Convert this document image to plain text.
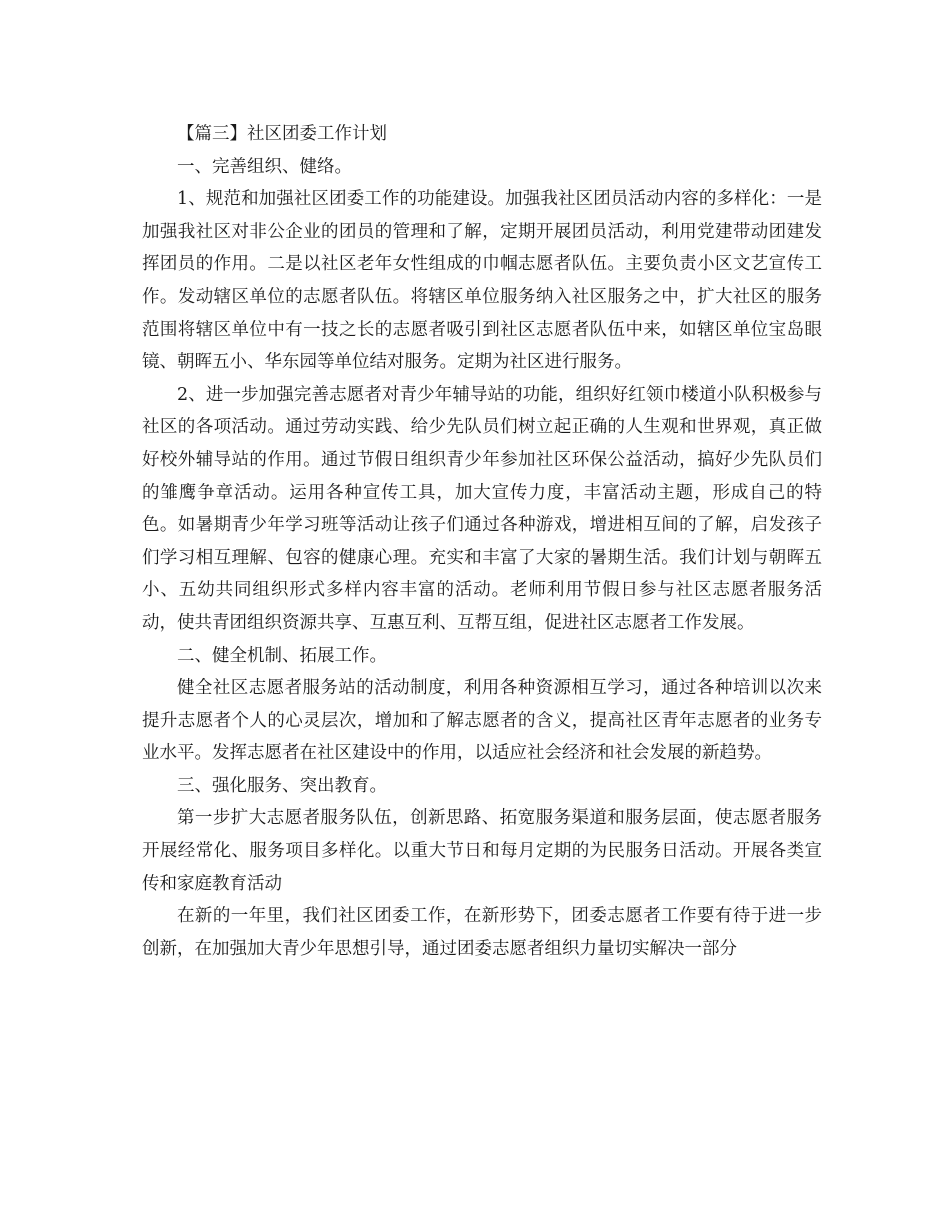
【篇三】社区团委工作计划

一、完善组织、健络。

1、规范和加强社区团委工作的功能建设。加强我社区团员活动内容的多样化：一是加强我社区对非公企业的团员的管理和了解，定期开展团员活动，利用党建带动团建发挥团员的作用。二是以社区老年女性组成的巾帼志愿者队伍。主要负责小区文艺宣传工作。发动辖区单位的志愿者队伍。将辖区单位服务纳入社区服务之中，扩大社区的服务范围将辖区单位中有一技之长的志愿者吸引到社区志愿者队伍中来，如辖区单位宝岛眼镜、朝晖五小、华东园等单位结对服务。定期为社区进行服务。

2、进一步加强完善志愿者对青少年辅导站的功能，组织好红领巾楼道小队积极参与社区的各项活动。通过劳动实践、给少先队员们树立起正确的人生观和世界观，真正做好校外辅导站的作用。通过节假日组织青少年参加社区环保公益活动，搞好少先队员们的雏鹰争章活动。运用各种宣传工具，加大宣传力度，丰富活动主题，形成自己的特色。如暑期青少年学习班等活动让孩子们通过各种游戏，增进相互间的了解，启发孩子们学习相互理解、包容的健康心理。充实和丰富了大家的暑期生活。我们计划与朝晖五小、五幼共同组织形式多样内容丰富的活动。老师利用节假日参与社区志愿者服务活动，使共青团组织资源共享、互惠互利、互帮互组，促进社区志愿者工作发展。

二、健全机制、拓展工作。

健全社区志愿者服务站的活动制度，利用各种资源相互学习，通过各种培训以次来提升志愿者个人的心灵层次，增加和了解志愿者的含义，提高社区青年志愿者的业务专业水平。发挥志愿者在社区建设中的作用，以适应社会经济和社会发展的新趋势。

三、强化服务、突出教育。

第一步扩大志愿者服务队伍，创新思路、拓宽服务渠道和服务层面，使志愿者服务开展经常化、服务项目多样化。以重大节日和每月定期的为民服务日活动。开展各类宣传和家庭教育活动

在新的一年里，我们社区团委工作，在新形势下，团委志愿者工作要有待于进一步创新，在加强加大青少年思想引导，通过团委志愿者组织力量切实解决一部分
